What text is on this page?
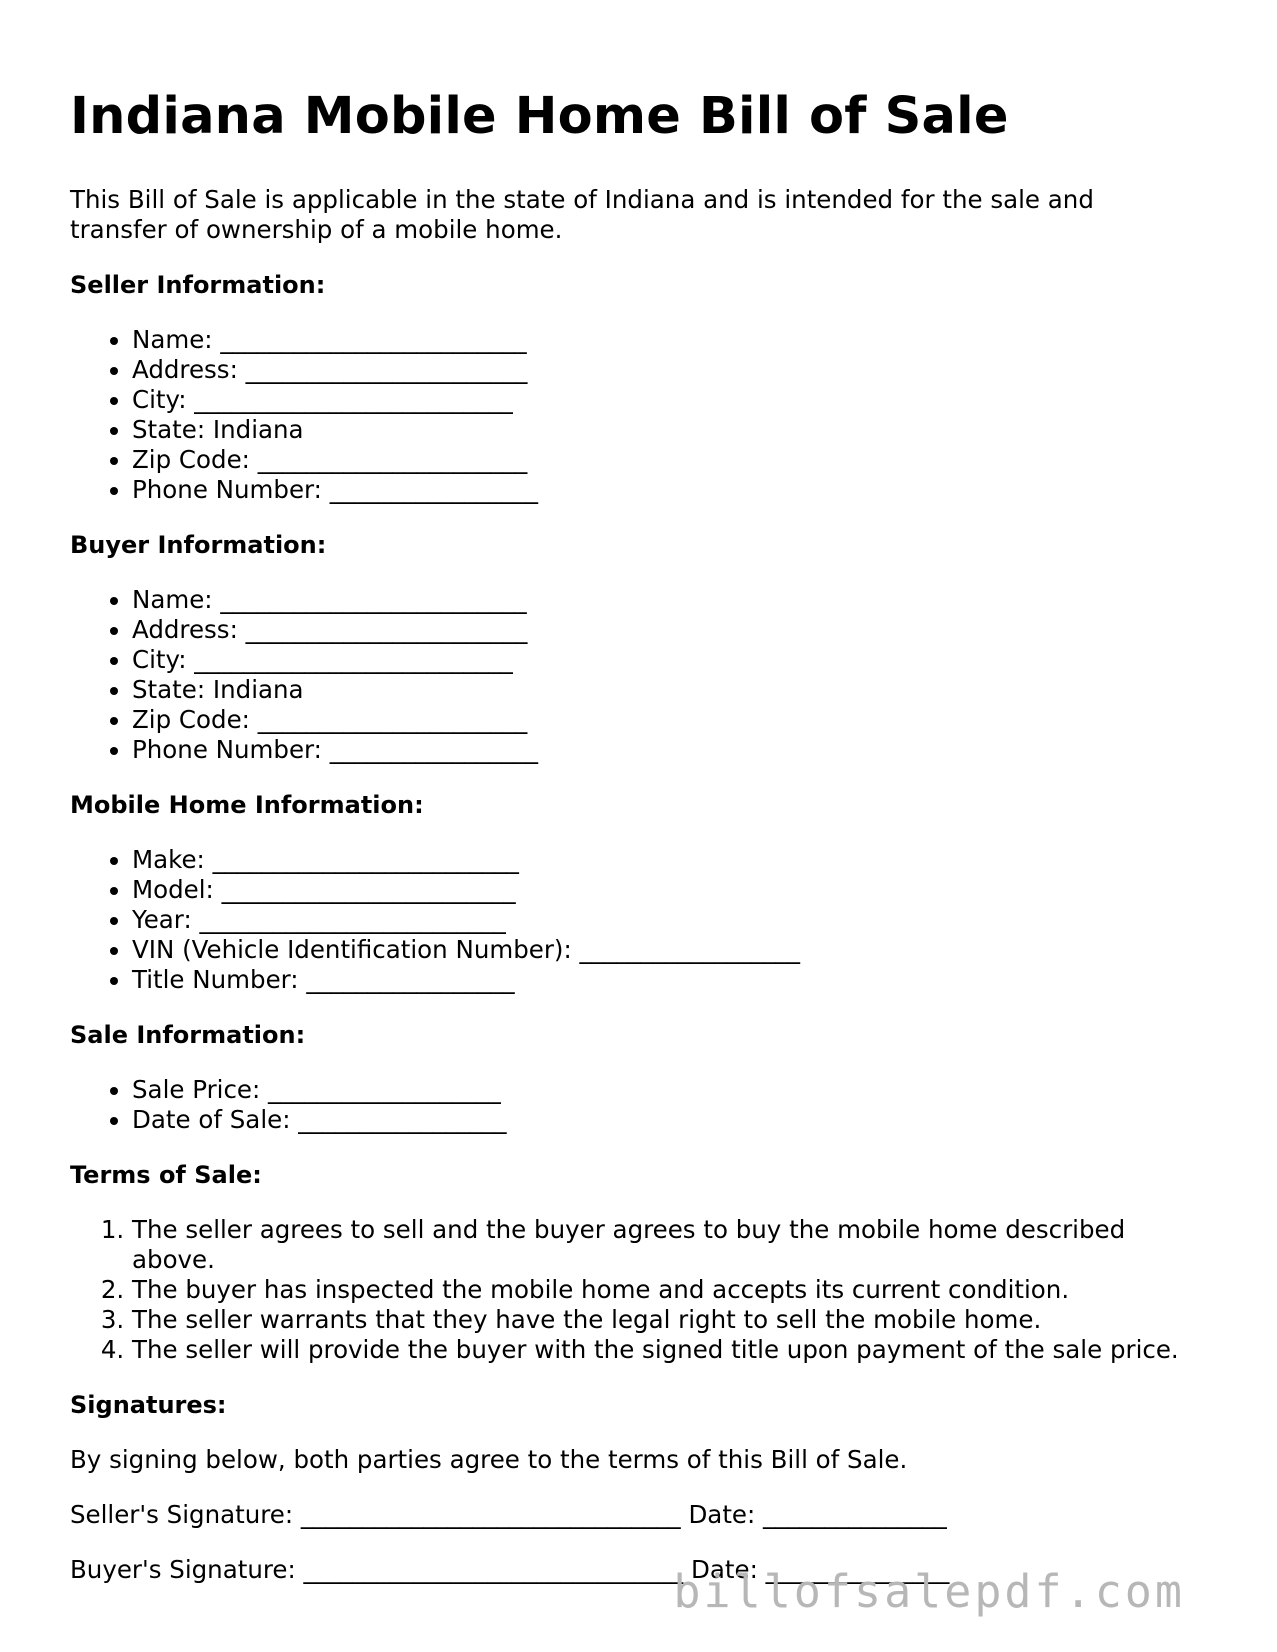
Indiana Mobile Home Bill of Sale

This Bill of Sale is applicable in the state of Indiana and is intended for the sale and transfer of ownership of a mobile home.

Seller Information:
• Name: _________________________
• Address: _______________________
• City: __________________________
• State: Indiana
• Zip Code: ______________________
• Phone Number: _________________
Buyer Information:
• Name: _________________________
• Address: _______________________
• City: __________________________
• State: Indiana
• Zip Code: ______________________
• Phone Number: _________________
Mobile Home Information:
• Make: _________________________
• Model: ________________________
• Year: _________________________
• VIN (Vehicle Identification Number): __________________
• Title Number: _________________
Sale Information:
• Sale Price: ___________________
• Date of Sale: _________________
Terms of Sale:
1. The seller agrees to sell and the buyer agrees to buy the mobile home described above.
2. The buyer has inspected the mobile home and accepts its current condition.
3. The seller warrants that they have the legal right to sell the mobile home.
4. The seller will provide the buyer with the signed title upon payment of the sale price.
Signatures:

By signing below, both parties agree to the terms of this Bill of Sale.

Seller's Signature: _______________________________ Date: _______________

Buyer's Signature: _______________________________ Date: _______________

billofsalepdf.com
